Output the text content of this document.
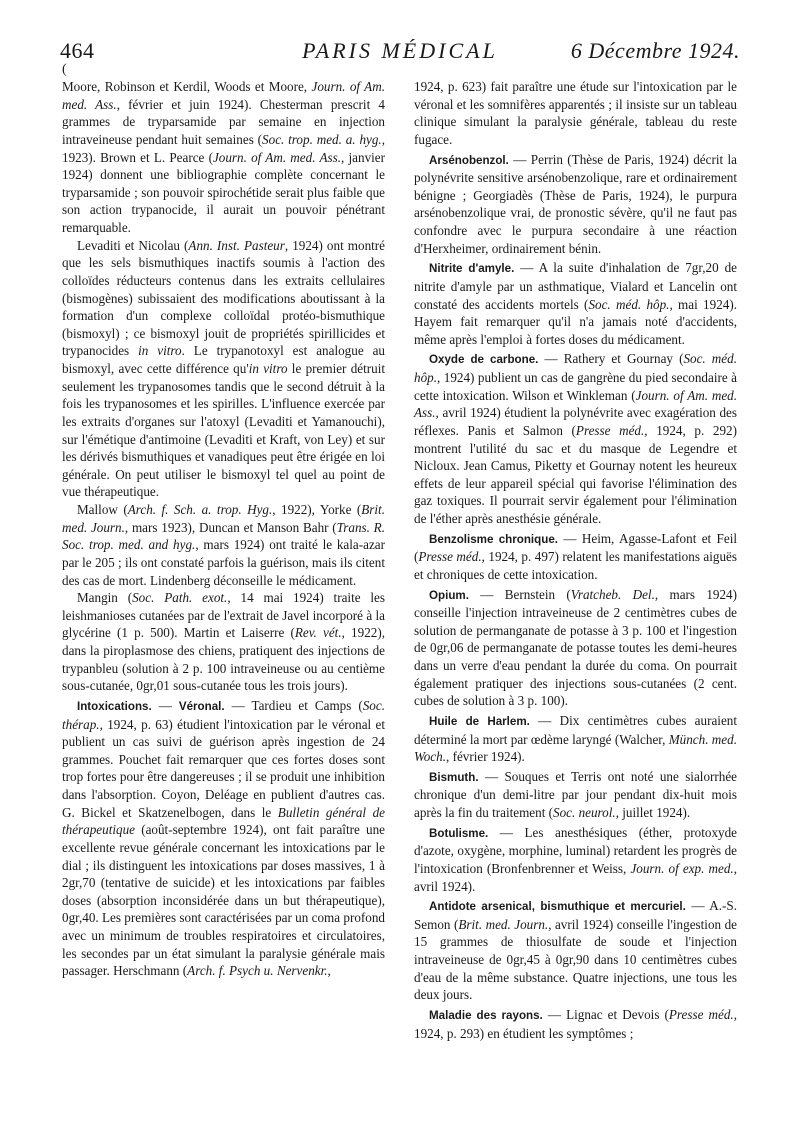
464	PARIS MÉDICAL	6 Décembre 1924.
(

Moore, Robinson et Kerdil, Woods et Moore, Journ. of Am. med. Ass., février et juin 1924). Chesterman prescrit 4 grammes de tryparsamide par semaine en injection intraveineuse pendant huit semaines (Soc. trop. med. a. hyg., 1923). Brown et L. Pearce (Journ. of Am. med. Ass., janvier 1924) donnent une bibliographie complète concernant le tryparsamide ; son pouvoir spirochétide serait plus faible que son action trypanocide, il aurait un pouvoir pénétrant remarquable.

Levaditi et Nicolau (Ann. Inst. Pasteur, 1924) ont montré que les sels bismuthiques inactifs soumis à l'action des colloïdes réducteurs contenus dans les extraits cellulaires (bismogènes) subissaient des modifications aboutissant à la formation d'un complexe colloïdal protéo-bismuthique (bismoxyl) ; ce bismoxyl jouit de propriétés spirillicides et trypanocides in vitro. Le trypanotoxyl est analogue au bismoxyl, avec cette différence qu'in vitro le premier détruit seulement les trypanosomes tandis que le second détruit à la fois les trypanosomes et les spirilles. L'influence exercée par les extraits d'organes sur l'atoxyl (Levaditi et Yamanouchi), sur l'émétique d'antimoine (Levaditi et Kraft, von Ley) et sur les dérivés bismuthiques et vanadiques peut être érigée en loi générale. On peut utiliser le bismoxyl tel quel au point de vue thérapeutique.

Mallow (Arch. f. Sch. a. trop. Hyg., 1922), Yorke (Brit. med. Journ., mars 1923), Duncan et Manson Bahr (Trans. R. Soc. trop. med. and hyg., mars 1924) ont traité le kala-azar par le 205 ; ils ont constaté parfois la guérison, mais ils citent des cas de mort. Lindenberg déconseille le médicament.

Mangin (Soc. Path. exot., 14 mai 1924) traite les leishmanioses cutanées par de l'extrait de Javel incorporé à la glycérine (1 p. 500). Martin et Laiserre (Rev. vét., 1922), dans la piroplasmose des chiens, pratiquent des injections de trypanbleu (solution à 2 p. 100 intraveineuse ou au centième sous-cutanée, 0gr,01 sous-cutanée tous les trois jours).

Intoxications. — Véronal. — Tardieu et Camps (Soc. thérap., 1924, p. 63) étudient l'intoxication par le véronal et publient un cas suivi de guérison après ingestion de 24 grammes. Pouchet fait remarquer que ces fortes doses sont trop fortes pour être dangereuses ; il se produit une inhibition dans l'absorption. Coyon, Deléage en publient d'autres cas. G. Bickel et Skatzenelbogen, dans le Bulletin général de thérapeutique (août-septembre 1924), ont fait paraître une excellente revue générale concernant les intoxications par le dial ; ils distinguent les intoxications par doses massives, 1 à 2gr,70 (tentative de suicide) et les intoxications par faibles doses (absorption inconsidérée dans un but thérapeutique), 0gr,40. Les premières sont caractérisées par un coma profond avec un minimum de troubles respiratoires et circulatoires, les secondes par un état simulant la paralysie générale mais passager. Herschmann (Arch. f. Psych u. Nervenkr.,

1924, p. 623) fait paraître une étude sur l'intoxication par le véronal et les somnifères apparentés ; il insiste sur un tableau clinique simulant la paralysie générale, tableau du reste fugace.

Arsénobenzol. — Perrin (Thèse de Paris, 1924) décrit la polynévrite sensitive arsénobenzolique, rare et ordinairement bénigne ; Georgiadès (Thèse de Paris, 1924), le purpura arsénobenzolique vrai, de pronostic sévère, qu'il ne faut pas confondre avec le purpura secondaire à une réaction d'Herxheimer, ordinairement bénin.

Nitrite d'amyle. — A la suite d'inhalation de 7gr,20 de nitrite d'amyle par un asthmatique, Vialard et Lancelin ont constaté des accidents mortels (Soc. méd. hôp., mai 1924). Hayem fait remarquer qu'il n'a jamais noté d'accidents, même après l'emploi à fortes doses du médicament.

Oxyde de carbone. — Rathery et Gournay (Soc. méd. hôp., 1924) publient un cas de gangrène du pied secondaire à cette intoxication. Wilson et Winkleman (Journ. of Am. med. Ass., avril 1924) étudient la polynévrite avec exagération des réflexes. Panis et Salmon (Presse méd., 1924, p. 292) montrent l'utilité du sac et du masque de Legendre et Nicloux. Jean Camus, Piketty et Gournay notent les heureux effets de leur appareil spécial qui favorise l'élimination des gaz toxiques. Il pourrait servir également pour l'élimination de l'éther après anesthésie générale.

Benzolisme chronique. — Heim, Agasse-Lafont et Feil (Presse méd., 1924, p. 497) relatent les manifestations aiguës et chroniques de cette intoxication.

Opium. — Bernstein (Vratcheb. Del., mars 1924) conseille l'injection intraveineuse de 2 centimètres cubes de solution de permanganate de potasse à 3 p. 100 et l'ingestion de 0gr,06 de permanganate de potasse toutes les demi-heures dans un verre d'eau pendant la durée du coma. On pourrait également pratiquer des injections sous-cutanées (2 cent. cubes de solution à 3 p. 100).

Huile de Harlem. — Dix centimètres cubes auraient déterminé la mort par œdème laryngé (Walcher, Münch. med. Woch., février 1924).

Bismuth. — Souques et Terris ont noté une sialorrhée chronique d'un demi-litre par jour pendant dix-huit mois après la fin du traitement (Soc. neurol., juillet 1924).

Botulisme. — Les anesthésiques (éther, protoxyde d'azote, oxygène, morphine, luminal) retardent les progrès de l'intoxication (Bronfenbrenner et Weiss, Journ. of exp. med., avril 1924).

Antidote arsenical, bismuthique et mercuriel. — A.-S. Semon (Brit. med. Journ., avril 1924) conseille l'ingestion de 15 grammes de thiosulfate de soude et l'injection intraveineuse de 0gr,45 à 0gr,90 dans 10 centimètres cubes d'eau de la même substance. Quatre injections, une tous les deux jours.

Maladie des rayons. — Lignac et Devois (Presse méd., 1924, p. 293) en étudient les symptômes ;
